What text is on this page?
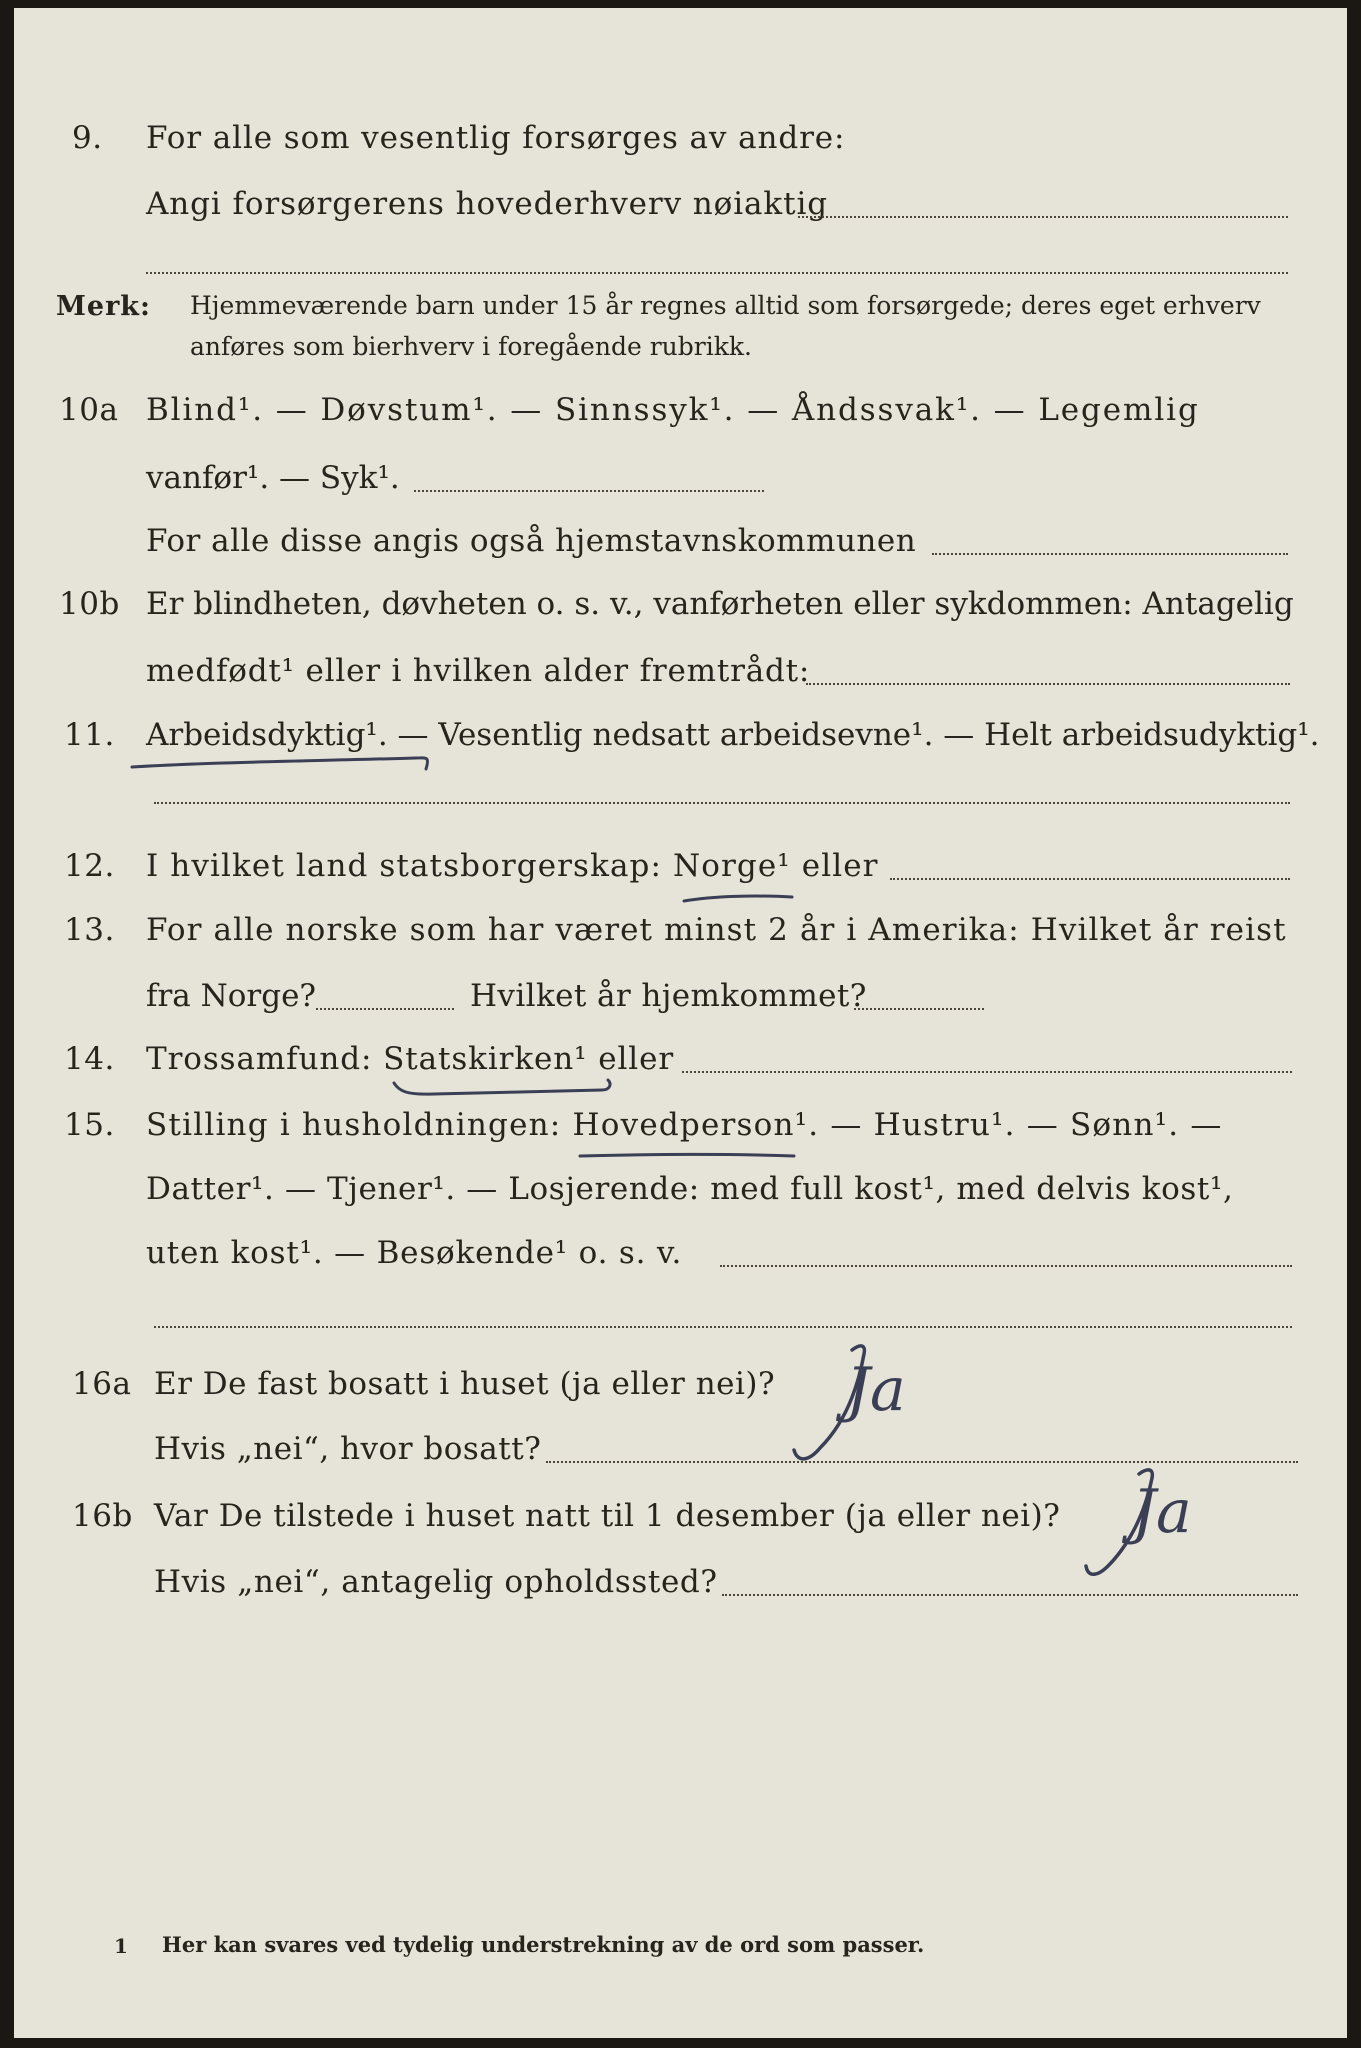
9. For alle som vesentlig forsørges av andre:
Angi forsørgerens hovederhverv nøiaktig
Merk: Hjemmeværende barn under 15 år regnes alltid som forsørgede; deres eget erhverv
anføres som bierhverv i foregående rubrikk.
10a Blind¹. — Døvstum¹. — Sinnssyk¹. — Åndssvak¹. — Legemlig
vanfør¹. — Syk¹.
For alle disse angis også hjemstavnskommunen
10b Er blindheten, døvheten o. s. v., vanførheten eller sykdommen: Antagelig
medfødt¹ eller i hvilken alder fremtrådt:
11. Arbeidsdyktig¹. — Vesentlig nedsatt arbeidsevne¹. — Helt arbeidsudyktig¹.
12. I hvilket land statsborgerskap: Norge¹ eller
13. For alle norske som har været minst 2 år i Amerika: Hvilket år reist
fra Norge?	Hvilket år hjemkommet?
14. Trossamfund: Statskirken¹ eller
15. Stilling i husholdningen: Hovedperson¹. — Hustru¹. — Sønn¹. —
Datter¹. — Tjener¹. — Losjerende: med full kost¹, med delvis kost¹,
uten kost¹. — Besøkende¹ o. s. v.
16a Er De fast bosatt i huset (ja eller nei)?
Hvis „nei“, hvor bosatt?
16b Var De tilstede i huset natt til 1 desember (ja eller nei)?
Hvis „nei“, antagelig opholdssted?
1 Her kan svares ved tydelig understrekning av de ord som passer.
Ja
Ja
